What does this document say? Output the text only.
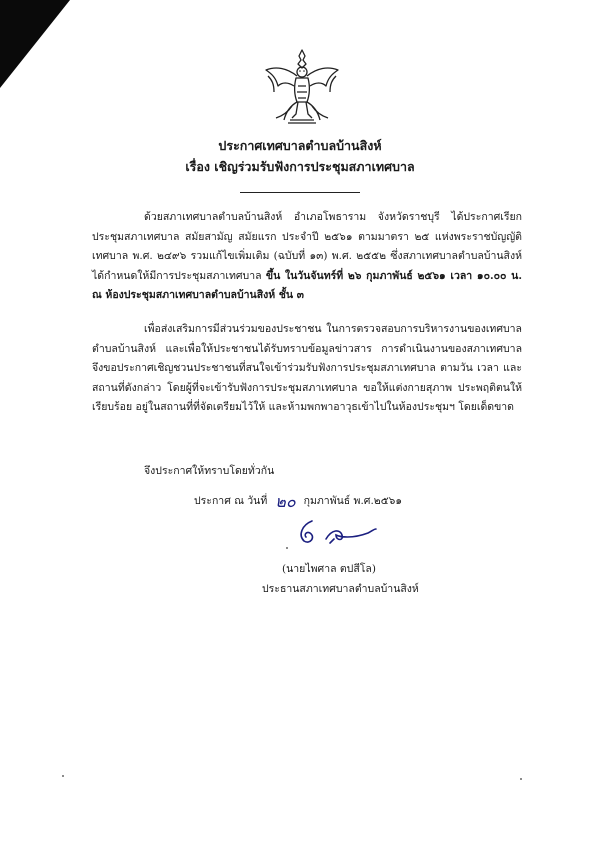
ประกาศเทศบาลตำบลบ้านสิงห์
เรื่อง เชิญร่วมรับฟังการประชุมสภาเทศบาล
ด้วยสภาเทศบาลตำบลบ้านสิงห์ อำเภอโพธาราม จังหวัดราชบุรี ได้ประกาศเรียกประชุมสภาเทศบาล สมัยสามัญ สมัยแรก ประจำปี ๒๕๖๑ ตามมาตรา ๒๕ แห่งพระราชบัญญัติเทศบาล พ.ศ. ๒๔๙๖ รวมแก้ไขเพิ่มเติม (ฉบับที่ ๑๓) พ.ศ. ๒๕๕๒ ซึ่งสภาเทศบาลตำบลบ้านสิงห์ ได้กำหนดให้มีการประชุมสภาเทศบาล ขึ้น ในวันจันทร์ที่ ๒๖ กุมภาพันธ์ ๒๕๖๑ เวลา ๑๐.๐๐ น. ณ ห้องประชุมสภาเทศบาลตำบลบ้านสิงห์ ชั้น ๓
เพื่อส่งเสริมการมีส่วนร่วมของประชาชน ในการตรวจสอบการบริหารงานของเทศบาลตำบลบ้านสิงห์ และเพื่อให้ประชาชนได้รับทราบข้อมูลข่าวสาร การดำเนินงานของสภาเทศบาล จึงขอประกาศเชิญชวนประชาชนที่สนใจเข้าร่วมรับฟังการประชุมสภาเทศบาล ตามวัน เวลา และสถานที่ดังกล่าว โดยผู้ที่จะเข้ารับฟังการประชุมสภาเทศบาล ขอให้แต่งกายสุภาพ ประพฤติตนให้เรียบร้อย อยู่ในสถานที่ที่จัดเตรียมไว้ให้ และห้ามพกพาอาวุธเข้าไปในห้องประชุมฯ โดยเด็ดขาด
จึงประกาศให้ทราบโดยทั่วกัน
ประกาศ ณ วันที่ ๒๐ กุมภาพันธ์ พ.ศ.๒๕๖๑
(นายไพศาล ตปสีโล)
ประธานสภาเทศบาลตำบลบ้านสิงห์
